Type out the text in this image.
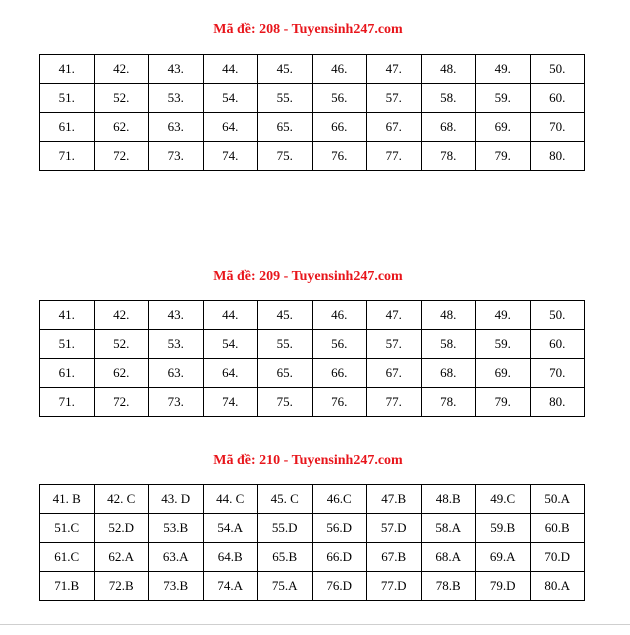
Mã đề: 208 - Tuyensinh247.com
41.	42.	43.	44.	45.	46.	47.	48.	49.	50.
51.	52.	53.	54.	55.	56.	57.	58.	59.	60.
61.	62.	63.	64.	65.	66.	67.	68.	69.	70.
71.	72.	73.	74.	75.	76.	77.	78.	79.	80.
Mã đề: 209 - Tuyensinh247.com
41.	42.	43.	44.	45.	46.	47.	48.	49.	50.
51.	52.	53.	54.	55.	56.	57.	58.	59.	60.
61.	62.	63.	64.	65.	66.	67.	68.	69.	70.
71.	72.	73.	74.	75.	76.	77.	78.	79.	80.
Mã đề: 210 - Tuyensinh247.com
41. B	42. C	43. D	44. C	45. C	46.C	47.B	48.B	49.C	50.A
51.C	52.D	53.B	54.A	55.D	56.D	57.D	58.A	59.B	60.B
61.C	62.A	63.A	64.B	65.B	66.D	67.B	68.A	69.A	70.D
71.B	72.B	73.B	74.A	75.A	76.D	77.D	78.B	79.D	80.A
